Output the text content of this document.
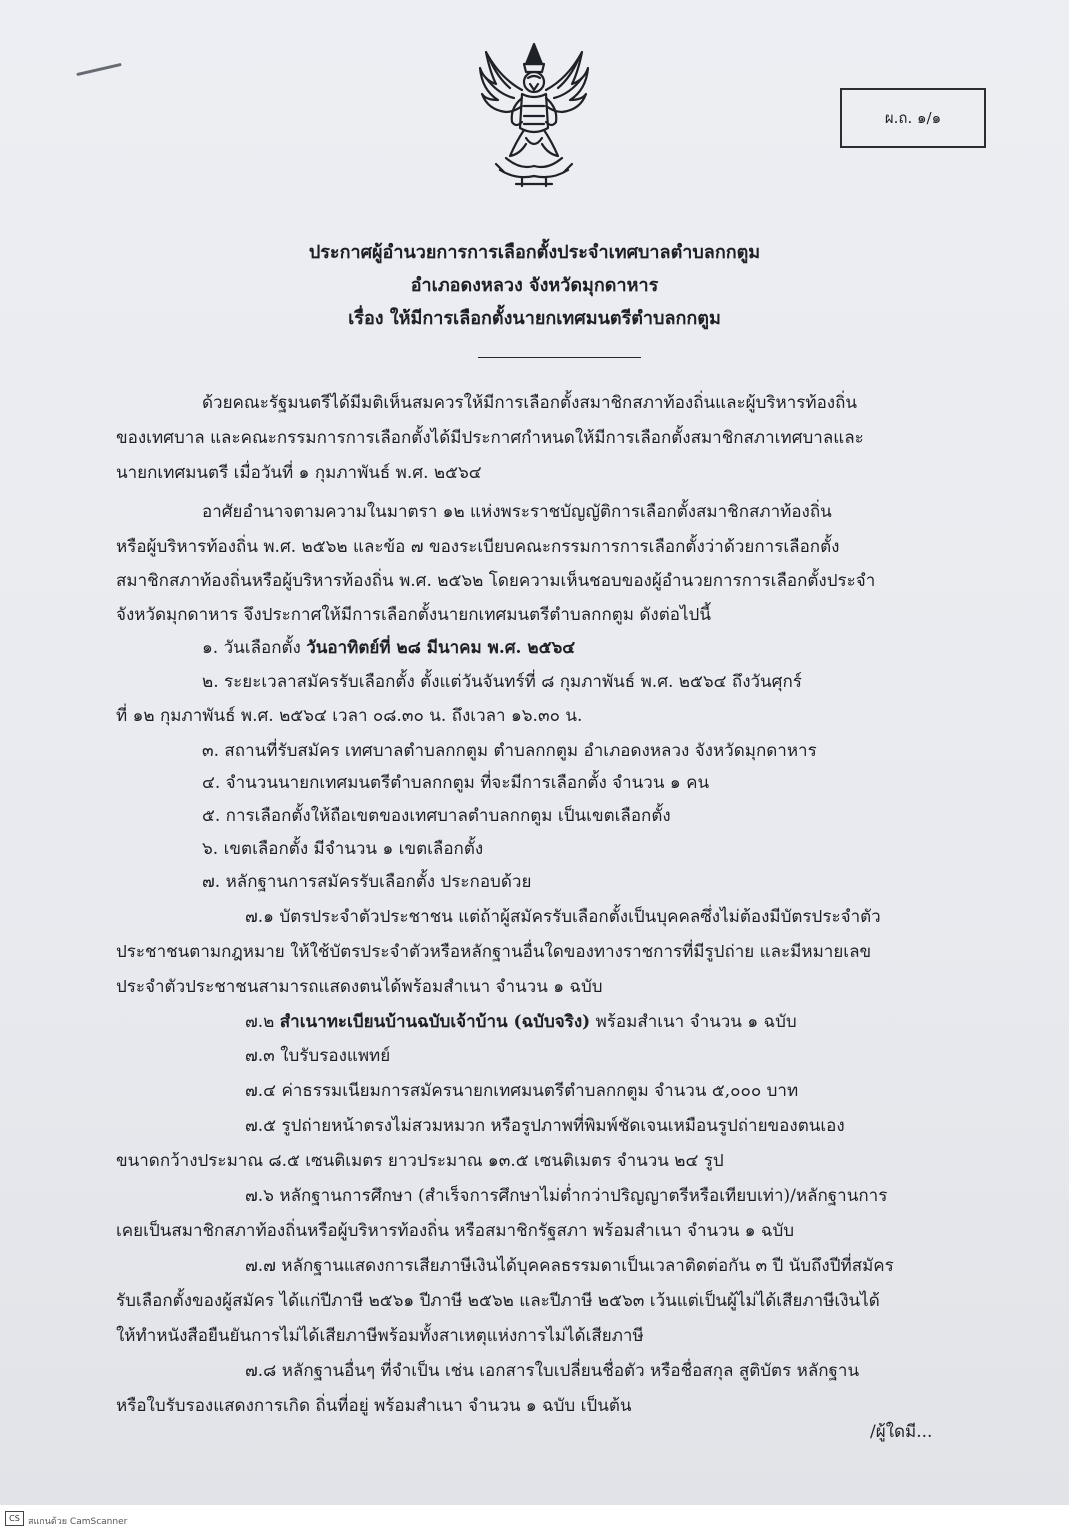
ผ.ถ. ๑/๑
ประกาศผู้อำนวยการการเลือกตั้งประจำเทศบาลตำบลกกตูม
อำเภอดงหลวง จังหวัดมุกดาหาร
เรื่อง ให้มีการเลือกตั้งนายกเทศมนตรีตำบลกกตูม
ด้วยคณะรัฐมนตรีได้มีมติเห็นสมควรให้มีการเลือกตั้งสมาชิกสภาท้องถิ่นและผู้บริหารท้องถิ่น
ของเทศบาล และคณะกรรมการการเลือกตั้งได้มีประกาศกำหนดให้มีการเลือกตั้งสมาชิกสภาเทศบาลและ
นายกเทศมนตรี เมื่อวันที่ ๑ กุมภาพันธ์ พ.ศ. ๒๕๖๔
อาศัยอำนาจตามความในมาตรา ๑๒ แห่งพระราชบัญญัติการเลือกตั้งสมาชิกสภาท้องถิ่น
หรือผู้บริหารท้องถิ่น พ.ศ. ๒๕๖๒ และข้อ ๗ ของระเบียบคณะกรรมการการเลือกตั้งว่าด้วยการเลือกตั้ง
สมาชิกสภาท้องถิ่นหรือผู้บริหารท้องถิ่น พ.ศ. ๒๕๖๒ โดยความเห็นชอบของผู้อำนวยการการเลือกตั้งประจำ
จังหวัดมุกดาหาร จึงประกาศให้มีการเลือกตั้งนายกเทศมนตรีตำบลกกตูม ดังต่อไปนี้
๑. วันเลือกตั้ง วันอาทิตย์ที่ ๒๘ มีนาคม พ.ศ. ๒๕๖๔
๒. ระยะเวลาสมัครรับเลือกตั้ง ตั้งแต่วันจันทร์ที่ ๘ กุมภาพันธ์ พ.ศ. ๒๕๖๔ ถึงวันศุกร์
ที่ ๑๒ กุมภาพันธ์ พ.ศ. ๒๕๖๔ เวลา ๐๘.๓๐ น. ถึงเวลา ๑๖.๓๐ น.
๓. สถานที่รับสมัคร เทศบาลตำบลกกตูม ตำบลกกตูม อำเภอดงหลวง จังหวัดมุกดาหาร
๔. จำนวนนายกเทศมนตรีตำบลกกตูม ที่จะมีการเลือกตั้ง จำนวน ๑ คน
๕. การเลือกตั้งให้ถือเขตของเทศบาลตำบลกกตูม เป็นเขตเลือกตั้ง
๖. เขตเลือกตั้ง มีจำนวน ๑ เขตเลือกตั้ง
๗. หลักฐานการสมัครรับเลือกตั้ง ประกอบด้วย
๗.๑ บัตรประจำตัวประชาชน แต่ถ้าผู้สมัครรับเลือกตั้งเป็นบุคคลซึ่งไม่ต้องมีบัตรประจำตัว
ประชาชนตามกฎหมาย ให้ใช้บัตรประจำตัวหรือหลักฐานอื่นใดของทางราชการที่มีรูปถ่าย และมีหมายเลข
ประจำตัวประชาชนสามารถแสดงตนได้พร้อมสำเนา จำนวน ๑ ฉบับ
๗.๒ สำเนาทะเบียนบ้านฉบับเจ้าบ้าน (ฉบับจริง) พร้อมสำเนา จำนวน ๑ ฉบับ
๗.๓ ใบรับรองแพทย์
๗.๔ ค่าธรรมเนียมการสมัครนายกเทศมนตรีตำบลกกตูม จำนวน ๕,๐๐๐ บาท
๗.๕ รูปถ่ายหน้าตรงไม่สวมหมวก หรือรูปภาพที่พิมพ์ชัดเจนเหมือนรูปถ่ายของตนเอง
ขนาดกว้างประมาณ ๘.๕ เซนติเมตร ยาวประมาณ ๑๓.๕ เซนติเมตร จำนวน ๒๔ รูป
๗.๖ หลักฐานการศึกษา (สำเร็จการศึกษาไม่ต่ำกว่าปริญญาตรีหรือเทียบเท่า)/หลักฐานการ
เคยเป็นสมาชิกสภาท้องถิ่นหรือผู้บริหารท้องถิ่น หรือสมาชิกรัฐสภา พร้อมสำเนา จำนวน ๑ ฉบับ
๗.๗ หลักฐานแสดงการเสียภาษีเงินได้บุคคลธรรมดาเป็นเวลาติดต่อกัน ๓ ปี นับถึงปีที่สมัคร
รับเลือกตั้งของผู้สมัคร ได้แก่ปีภาษี ๒๕๖๑ ปีภาษี ๒๕๖๒ และปีภาษี ๒๕๖๓ เว้นแต่เป็นผู้ไม่ได้เสียภาษีเงินได้
ให้ทำหนังสือยืนยันการไม่ได้เสียภาษีพร้อมทั้งสาเหตุแห่งการไม่ได้เสียภาษี
๗.๘ หลักฐานอื่นๆ ที่จำเป็น เช่น เอกสารใบเปลี่ยนชื่อตัว หรือชื่อสกุล สูติบัตร หลักฐาน
หรือใบรับรองแสดงการเกิด ถิ่นที่อยู่ พร้อมสำเนา จำนวน ๑ ฉบับ เป็นต้น
/ผู้ใดมี...
CS สแกนด้วย CamScanner
